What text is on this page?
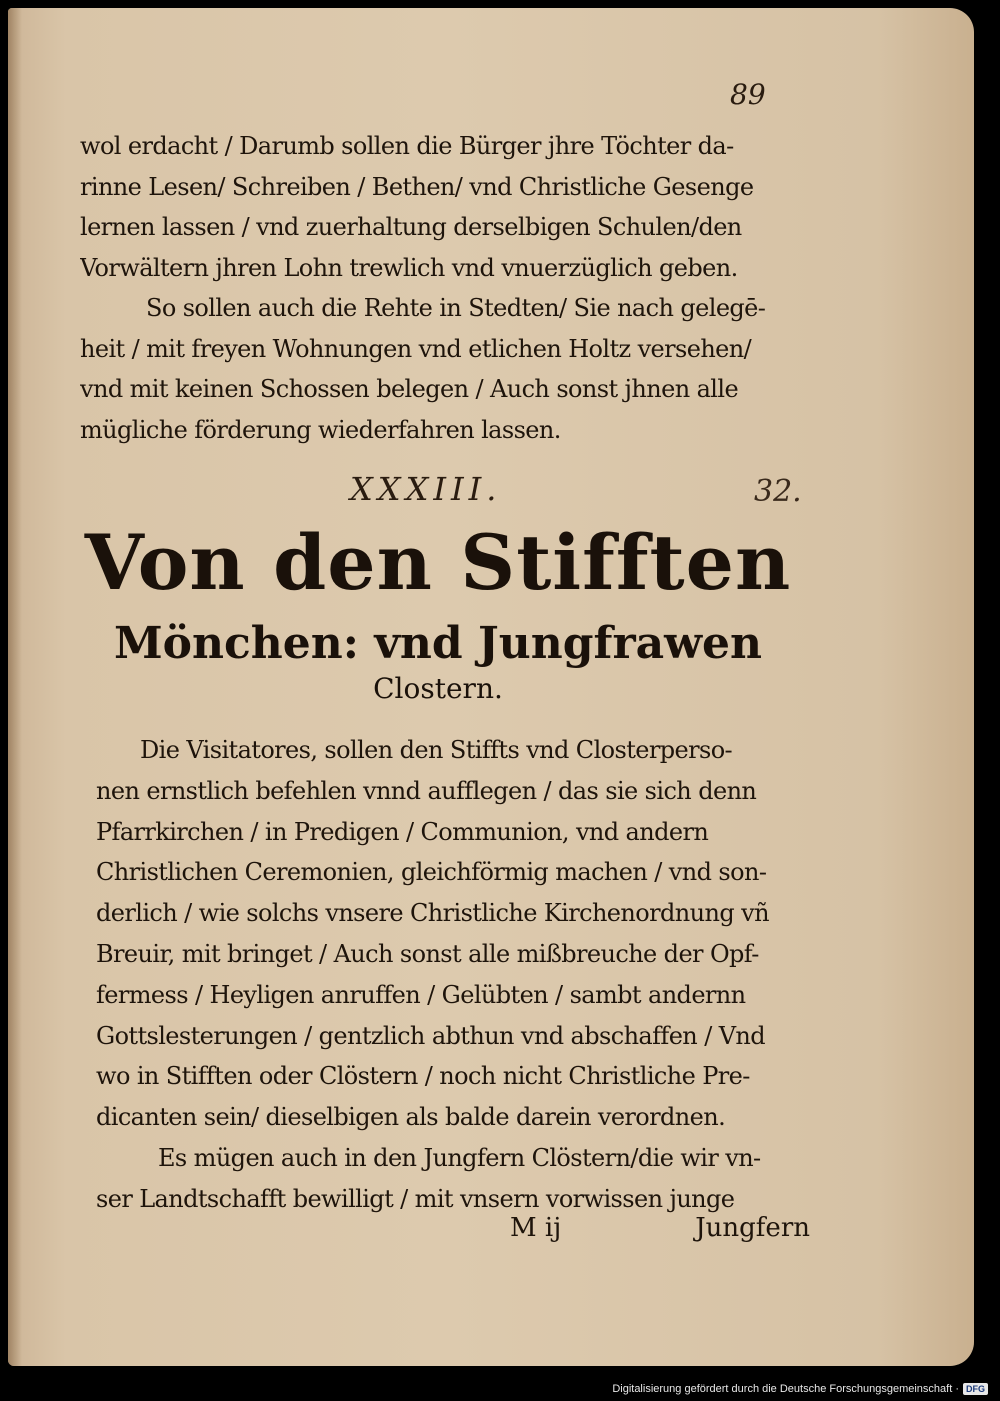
89
wol erdacht / Darumb sollen die Bürger jhre Töchter da-
rinne Lesen/ Schreiben / Bethen/ vnd Christliche Gesenge
lernen lassen / vnd zuerhaltung derselbigen Schulen/den
Vorwältern jhren Lohn trewlich vnd vnuerzüglich geben.
So sollen auch die Rehte in Stedten/ Sie nach gelegē-
heit / mit freyen Wohnungen vnd etlichen Holtz versehen/
vnd mit keinen Schossen belegen / Auch sonst jhnen alle
mügliche förderung wiederfahren lassen.
XXXIII.	32.
Von den Stifften
Mönchen: vnd Jungfrawen
Clostern.
Die Visitatores, sollen den Stiffts vnd Closterperso-
nen ernstlich befehlen vnnd aufflegen / das sie sich denn
Pfarrkirchen / in Predigen / Communion, vnd andern
Christlichen Ceremonien, gleichförmig machen / vnd son-
derlich / wie solchs vnsere Christliche Kirchenordnung vñ
Breuir, mit bringet / Auch sonst alle mißbreuche der Opf-
fermess / Heyligen anruffen / Gelübten / sambt andernn
Gottslesterungen / gentzlich abthun vnd abschaffen / Vnd
wo in Stifften oder Clöstern / noch nicht Christliche Pre-
dicanten sein/ dieselbigen als balde darein verordnen.
Es mügen auch in den Jungfern Clöstern/die wir vn-
ser Landtschafft bewilligt / mit vnsern vorwissen junge
M ij	Jungfern
Digitalisierung gefördert durch die Deutsche Forschungsgemeinschaft · DFG
